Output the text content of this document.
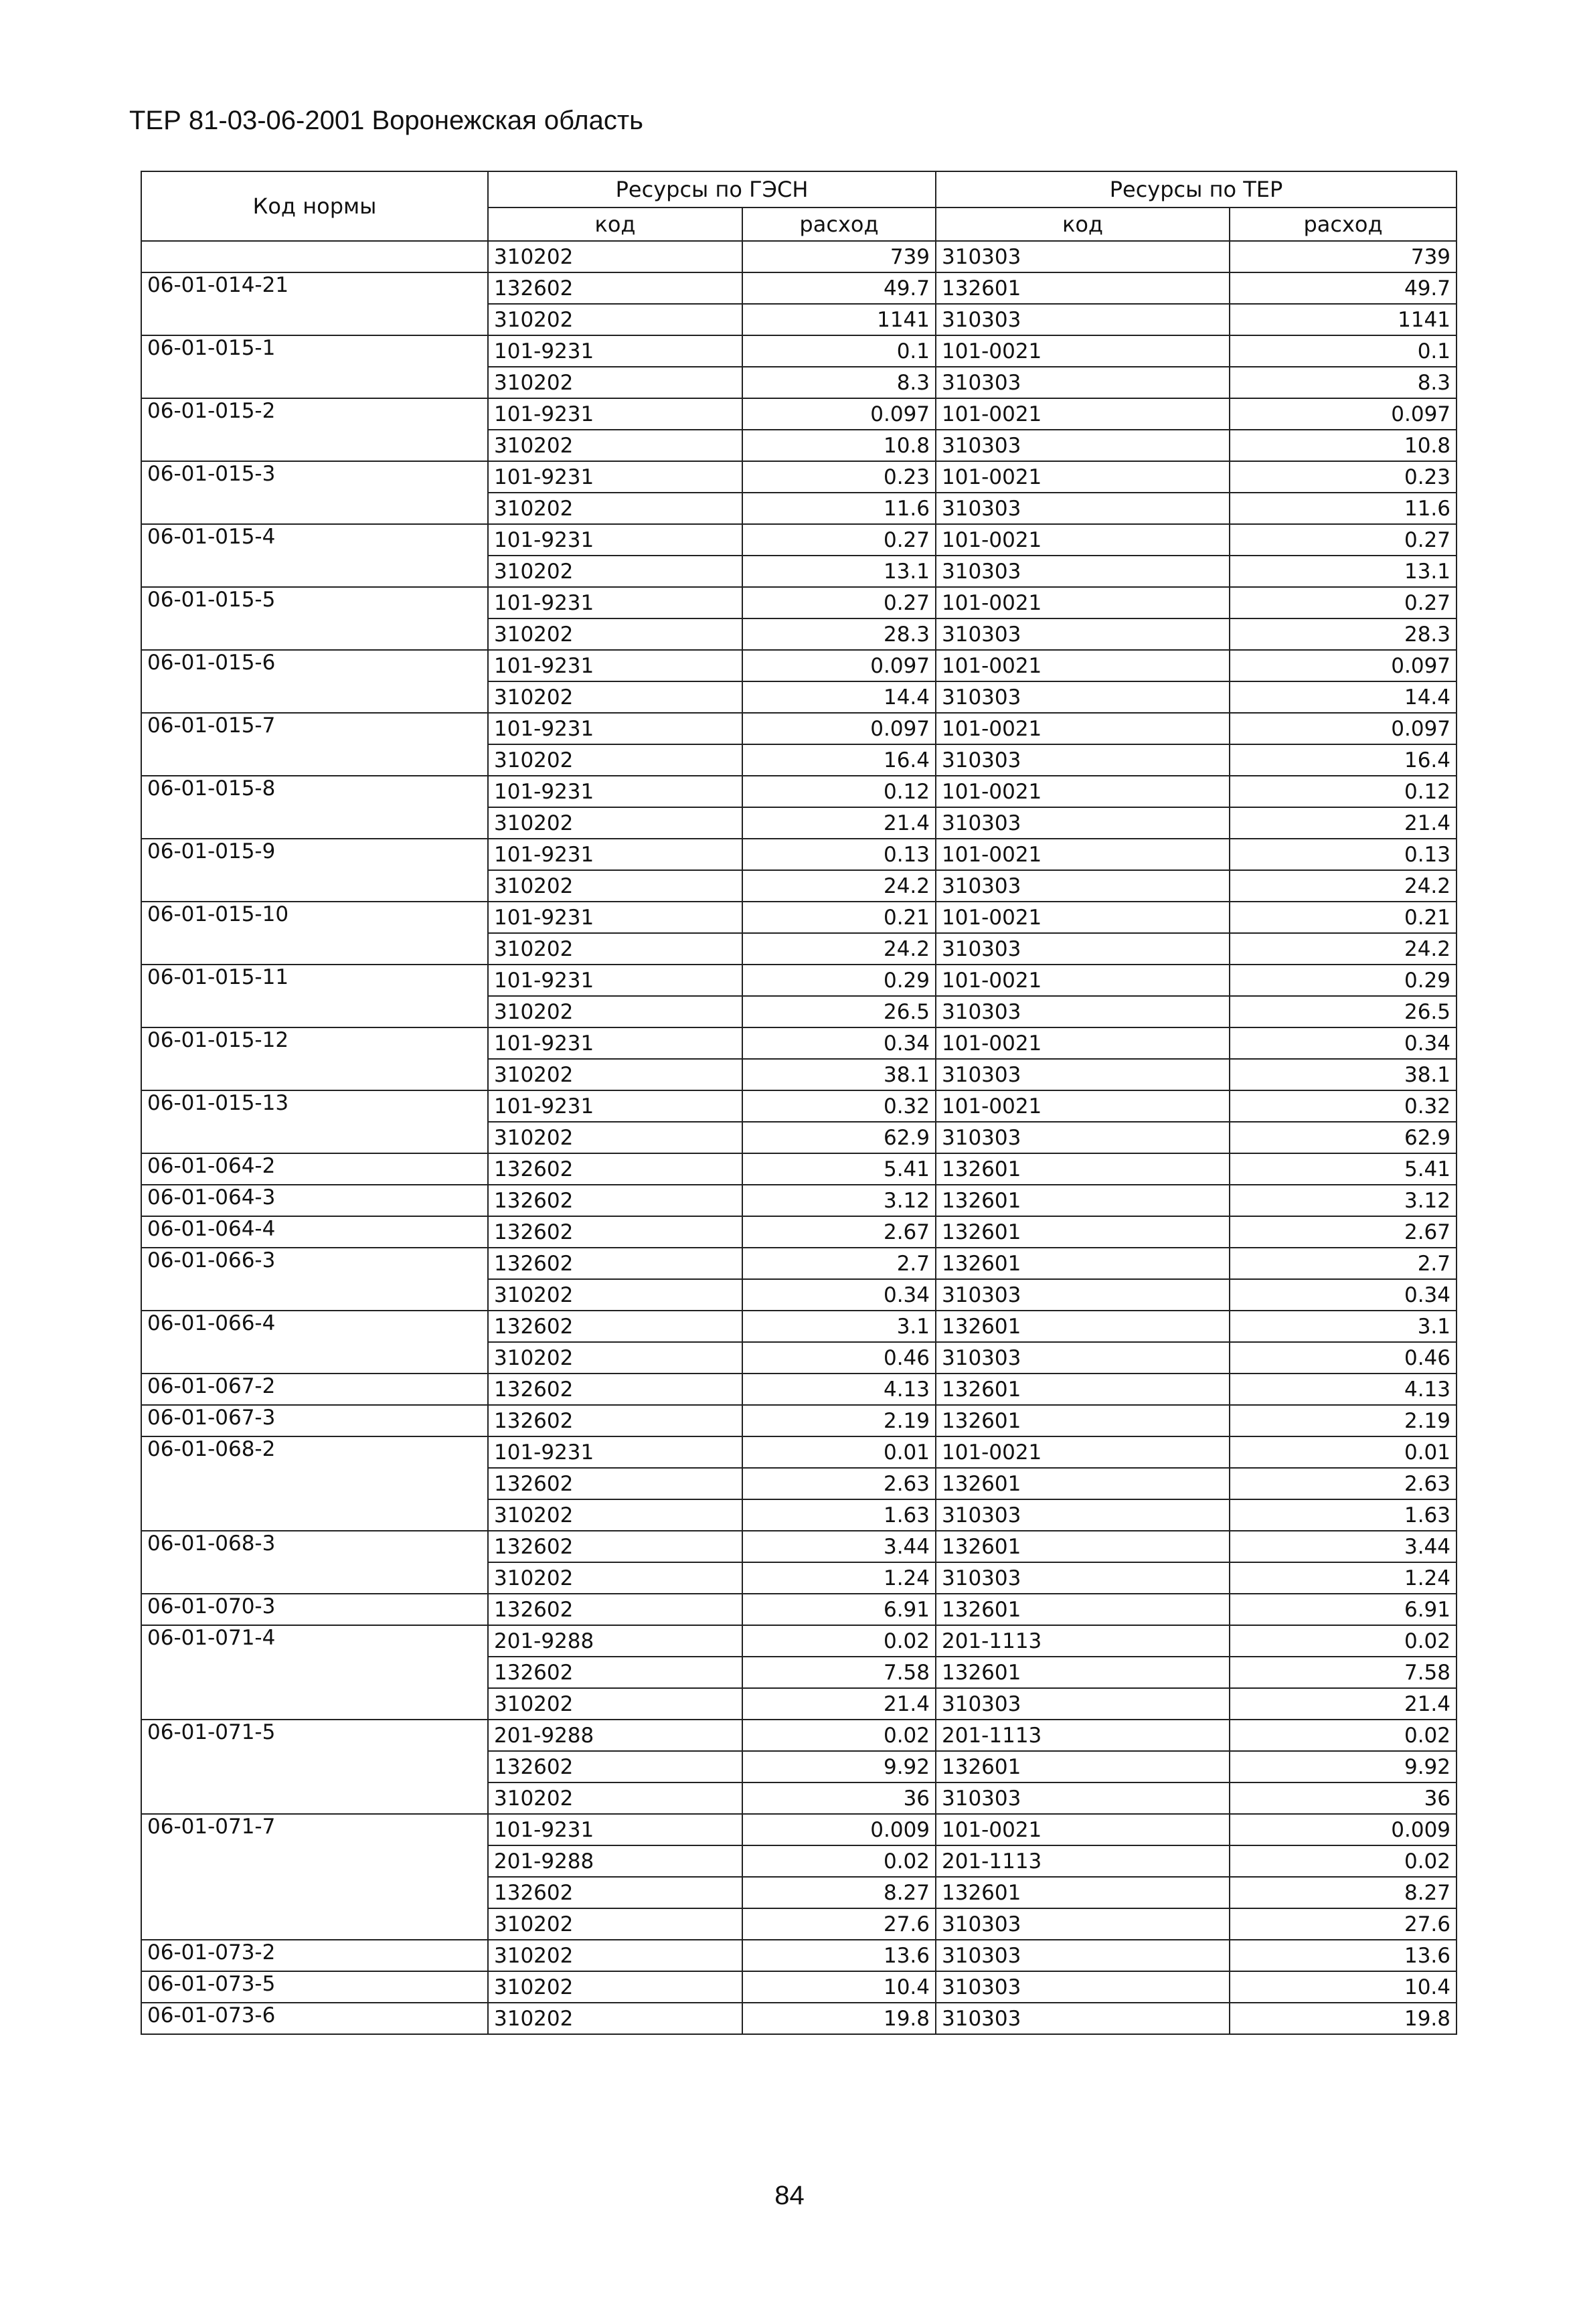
ТЕР 81-03-06-2001 Воронежская область
Код нормы	Ресурсы по ГЭСН		Ресурсы по ТЕР	
	код	расход	код	расход
	310202	739	310303	739
06-01-014-21	132602	49.7	132601	49.7
	310202	1141	310303	1141
06-01-015-1	101-9231	0.1	101-0021	0.1
	310202	8.3	310303	8.3
06-01-015-2	101-9231	0.097	101-0021	0.097
	310202	10.8	310303	10.8
06-01-015-3	101-9231	0.23	101-0021	0.23
	310202	11.6	310303	11.6
06-01-015-4	101-9231	0.27	101-0021	0.27
	310202	13.1	310303	13.1
06-01-015-5	101-9231	0.27	101-0021	0.27
	310202	28.3	310303	28.3
06-01-015-6	101-9231	0.097	101-0021	0.097
	310202	14.4	310303	14.4
06-01-015-7	101-9231	0.097	101-0021	0.097
	310202	16.4	310303	16.4
06-01-015-8	101-9231	0.12	101-0021	0.12
	310202	21.4	310303	21.4
06-01-015-9	101-9231	0.13	101-0021	0.13
	310202	24.2	310303	24.2
06-01-015-10	101-9231	0.21	101-0021	0.21
	310202	24.2	310303	24.2
06-01-015-11	101-9231	0.29	101-0021	0.29
	310202	26.5	310303	26.5
06-01-015-12	101-9231	0.34	101-0021	0.34
	310202	38.1	310303	38.1
06-01-015-13	101-9231	0.32	101-0021	0.32
	310202	62.9	310303	62.9
06-01-064-2	132602	5.41	132601	5.41
06-01-064-3	132602	3.12	132601	3.12
06-01-064-4	132602	2.67	132601	2.67
06-01-066-3	132602	2.7	132601	2.7
	310202	0.34	310303	0.34
06-01-066-4	132602	3.1	132601	3.1
	310202	0.46	310303	0.46
06-01-067-2	132602	4.13	132601	4.13
06-01-067-3	132602	2.19	132601	2.19
06-01-068-2	101-9231	0.01	101-0021	0.01
	132602	2.63	132601	2.63
	310202	1.63	310303	1.63
06-01-068-3	132602	3.44	132601	3.44
	310202	1.24	310303	1.24
06-01-070-3	132602	6.91	132601	6.91
06-01-071-4	201-9288	0.02	201-1113	0.02
	132602	7.58	132601	7.58
	310202	21.4	310303	21.4
06-01-071-5	201-9288	0.02	201-1113	0.02
	132602	9.92	132601	9.92
	310202	36	310303	36
06-01-071-7	101-9231	0.009	101-0021	0.009
	201-9288	0.02	201-1113	0.02
	132602	8.27	132601	8.27
	310202	27.6	310303	27.6
06-01-073-2	310202	13.6	310303	13.6
06-01-073-5	310202	10.4	310303	10.4
06-01-073-6	310202	19.8	310303	19.8
84
